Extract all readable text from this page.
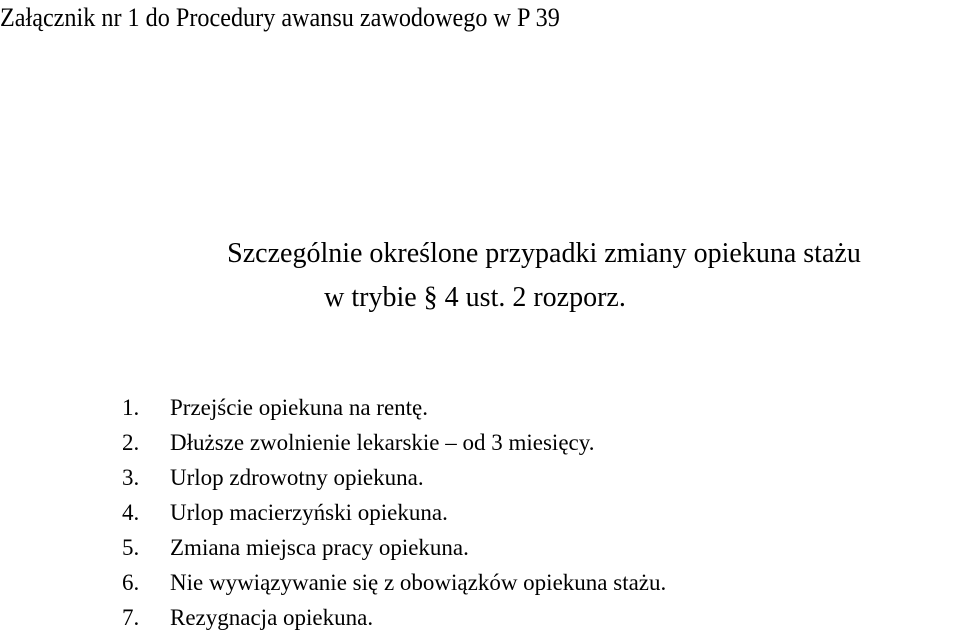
Załącznik nr 1 do Procedury awansu zawodowego w P 39
Szczególnie określone przypadki zmiany opiekuna stażu
w trybie § 4 ust. 2 rozporz.
1. Przejście opiekuna na rentę.
2. Dłuższe zwolnienie lekarskie – od 3 miesięcy.
3. Urlop zdrowotny opiekuna.
4. Urlop macierzyński opiekuna.
5. Zmiana miejsca pracy opiekuna.
6. Nie wywiązywanie się z obowiązków opiekuna stażu.
7. Rezygnacja opiekuna.
